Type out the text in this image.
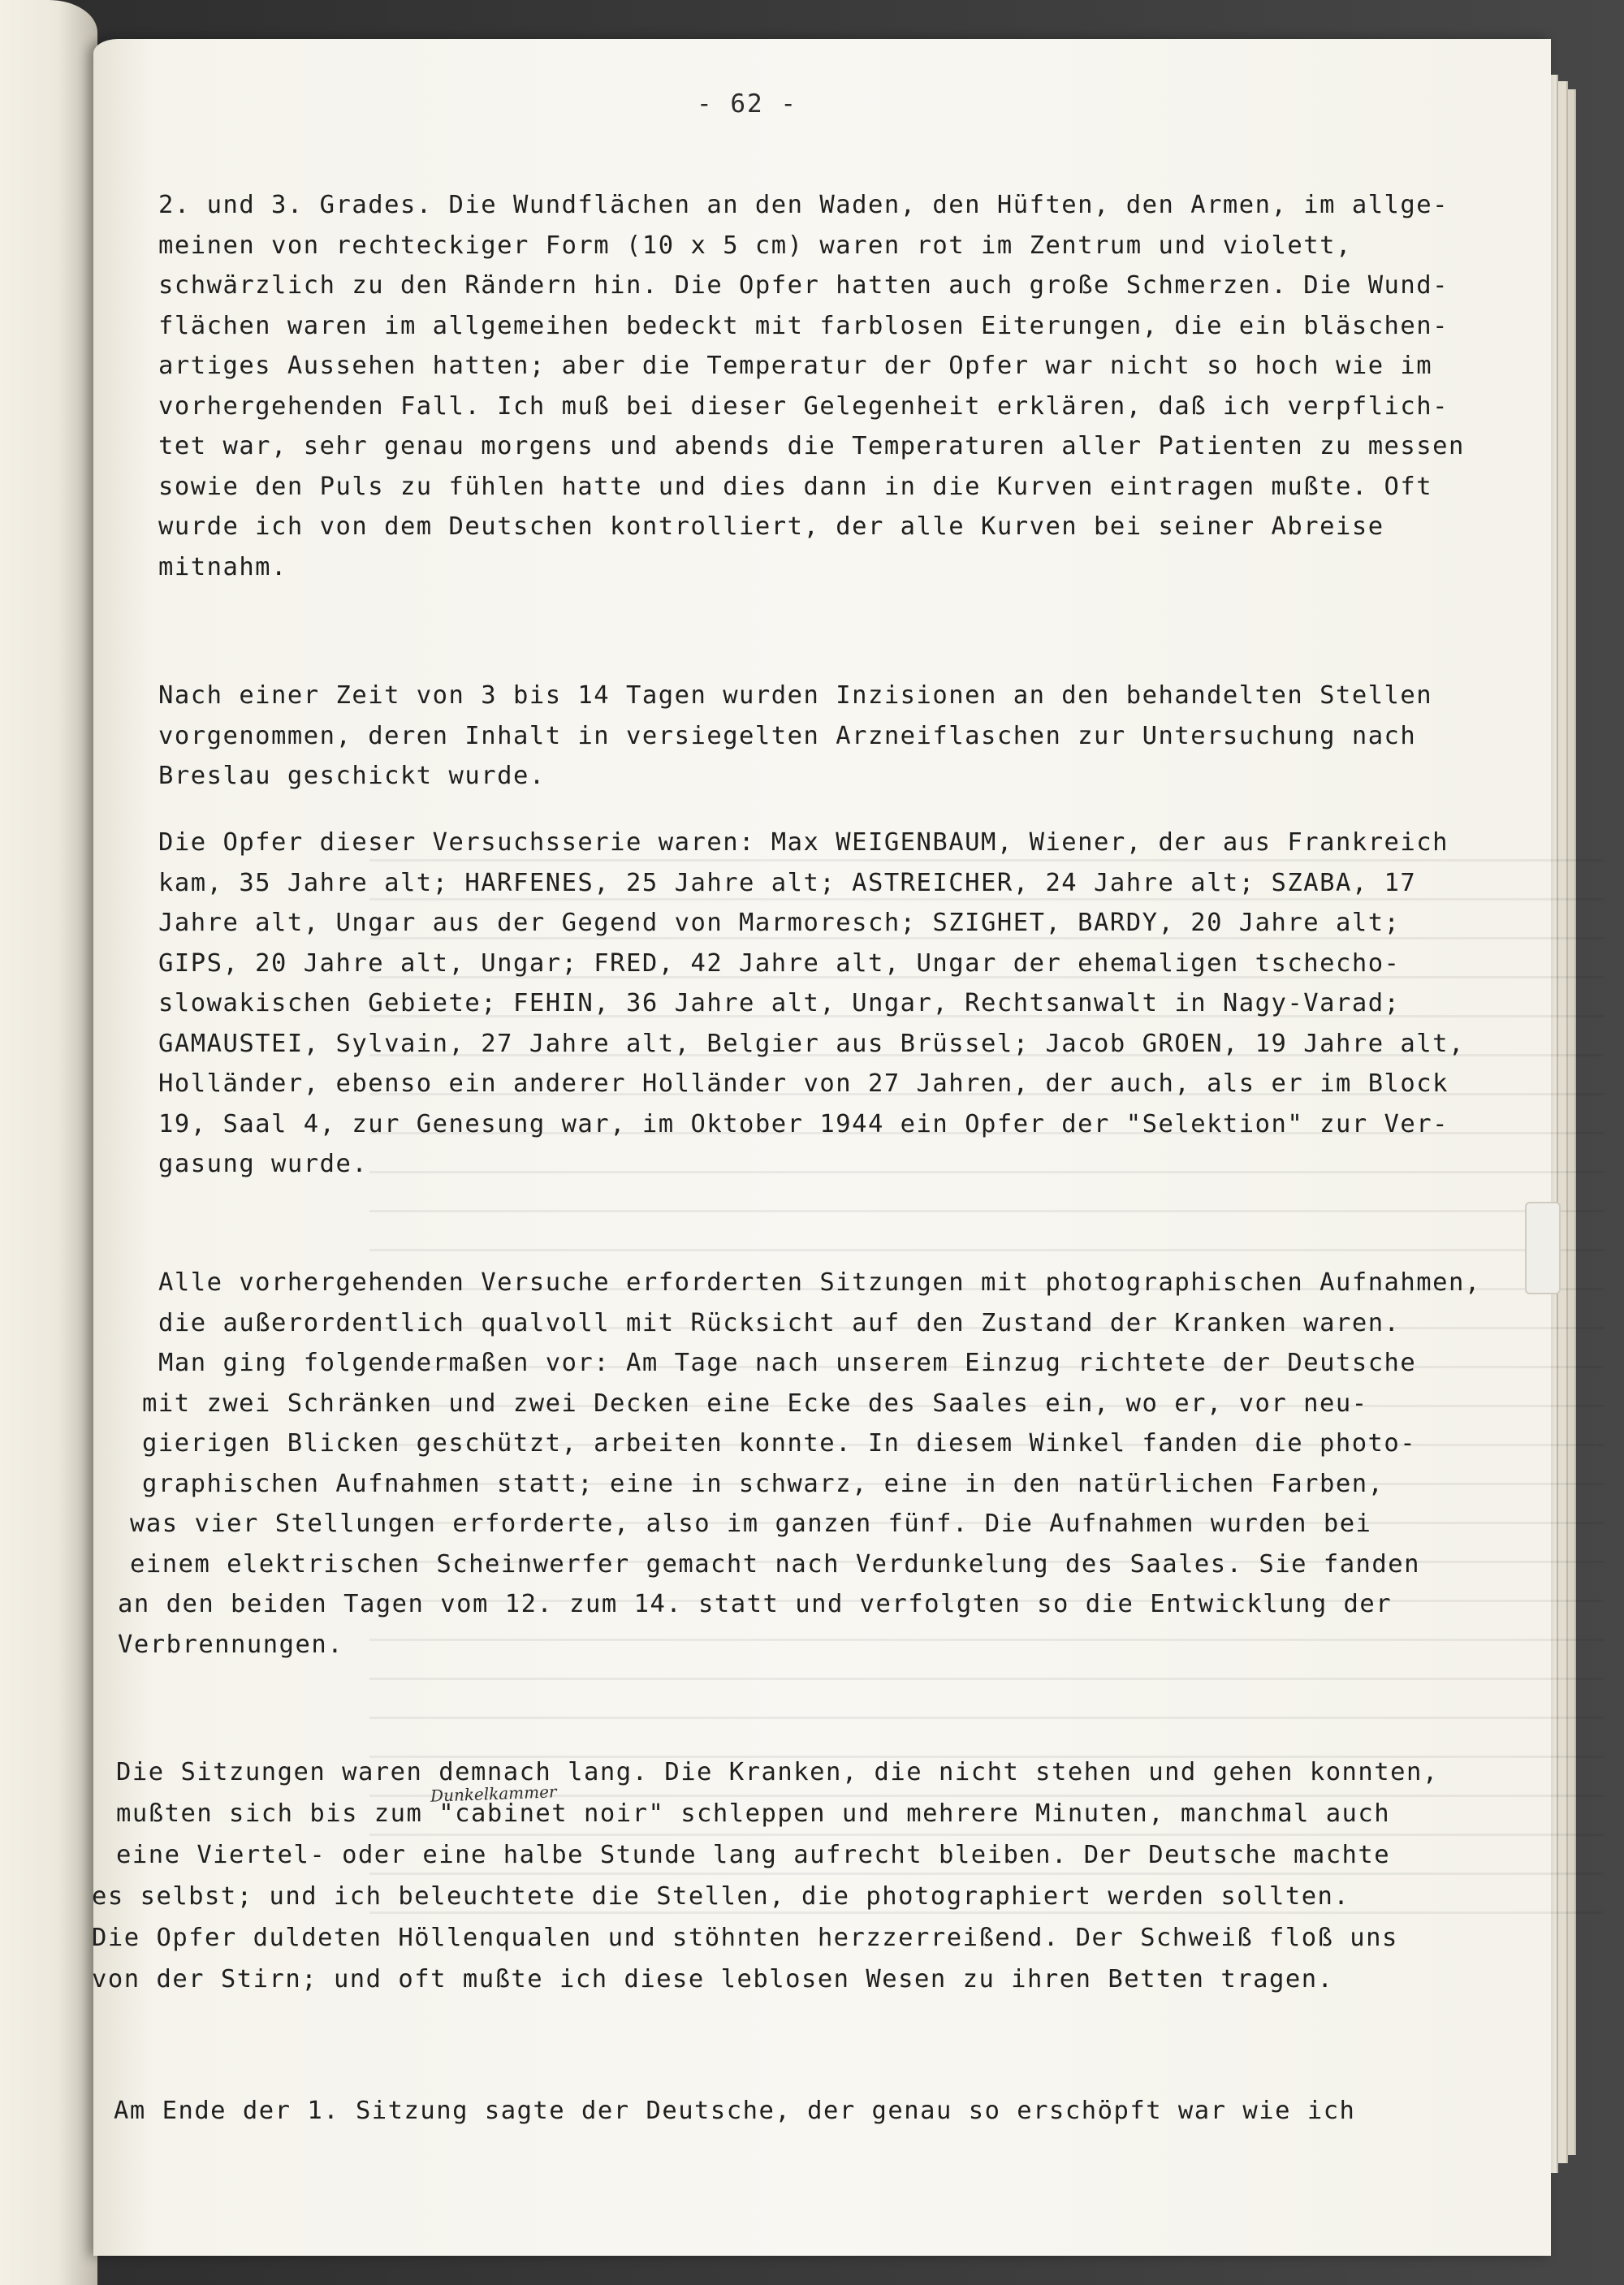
- 62 -
2. und 3. Grades. Die Wundflächen an den Waden, den Hüften, den Armen, im allge-
meinen von rechteckiger Form (10 x 5 cm) waren rot im Zentrum und violett,
schwärzlich zu den Rändern hin. Die Opfer hatten auch große Schmerzen. Die Wund-
flächen waren im allgemeihen bedeckt mit farblosen Eiterungen, die ein bläschen-
artiges Aussehen hatten; aber die Temperatur der Opfer war nicht so hoch wie im
vorhergehenden Fall. Ich muß bei dieser Gelegenheit erklären, daß ich verpflich-
tet war, sehr genau morgens und abends die Temperaturen aller Patienten zu messen
sowie den Puls zu fühlen hatte und dies dann in die Kurven eintragen mußte. Oft
wurde ich von dem Deutschen kontrolliert, der alle Kurven bei seiner Abreise
mitnahm.
Nach einer Zeit von 3 bis 14 Tagen wurden Inzisionen an den behandelten Stellen
vorgenommen, deren Inhalt in versiegelten Arzneiflaschen zur Untersuchung nach
Breslau geschickt wurde.
Die Opfer dieser Versuchsserie waren: Max WEIGENBAUM, Wiener, der aus Frankreich
kam, 35 Jahre alt; HARFENES, 25 Jahre alt; ASTREICHER, 24 Jahre alt; SZABA, 17
Jahre alt, Ungar aus der Gegend von Marmoresch; SZIGHET, BARDY, 20 Jahre alt;
GIPS, 20 Jahre alt, Ungar; FRED, 42 Jahre alt, Ungar der ehemaligen tschecho-
slowakischen Gebiete; FEHIN, 36 Jahre alt, Ungar, Rechtsanwalt in Nagy-Varad;
GAMAUSTEI, Sylvain, 27 Jahre alt, Belgier aus Brüssel; Jacob GROEN, 19 Jahre alt,
Holländer, ebenso ein anderer Holländer von 27 Jahren, der auch, als er im Block
19, Saal 4, zur Genesung war, im Oktober 1944 ein Opfer der "Selektion" zur Ver-
gasung wurde.
Alle vorhergehenden Versuche erforderten Sitzungen mit photographischen Aufnahmen,
die außerordentlich qualvoll mit Rücksicht auf den Zustand der Kranken waren.
Man ging folgendermaßen vor: Am Tage nach unserem Einzug richtete der Deutsche
mit zwei Schränken und zwei Decken eine Ecke des Saales ein, wo er, vor neu-
gierigen Blicken geschützt, arbeiten konnte. In diesem Winkel fanden die photo-
graphischen Aufnahmen statt; eine in schwarz, eine in den natürlichen Farben,
was vier Stellungen erforderte, also im ganzen fünf. Die Aufnahmen wurden bei
einem elektrischen Scheinwerfer gemacht nach Verdunkelung des Saales. Sie fanden
an den beiden Tagen vom 12. zum 14. statt und verfolgten so die Entwicklung der
Verbrennungen.
Dunkelkammer
Die Sitzungen waren demnach lang. Die Kranken, die nicht stehen und gehen konnten,
mußten sich bis zum "cabinet noir" schleppen und mehrere Minuten, manchmal auch
eine Viertel- oder eine halbe Stunde lang aufrecht bleiben. Der Deutsche machte
es selbst; und ich beleuchtete die Stellen, die photographiert werden sollten.
Die Opfer duldeten Höllenqualen und stöhnten herzzerreißend. Der Schweiß floß uns
von der Stirn; und oft mußte ich diese leblosen Wesen zu ihren Betten tragen.
Am Ende der 1. Sitzung sagte der Deutsche, der genau so erschöpft war wie ich
